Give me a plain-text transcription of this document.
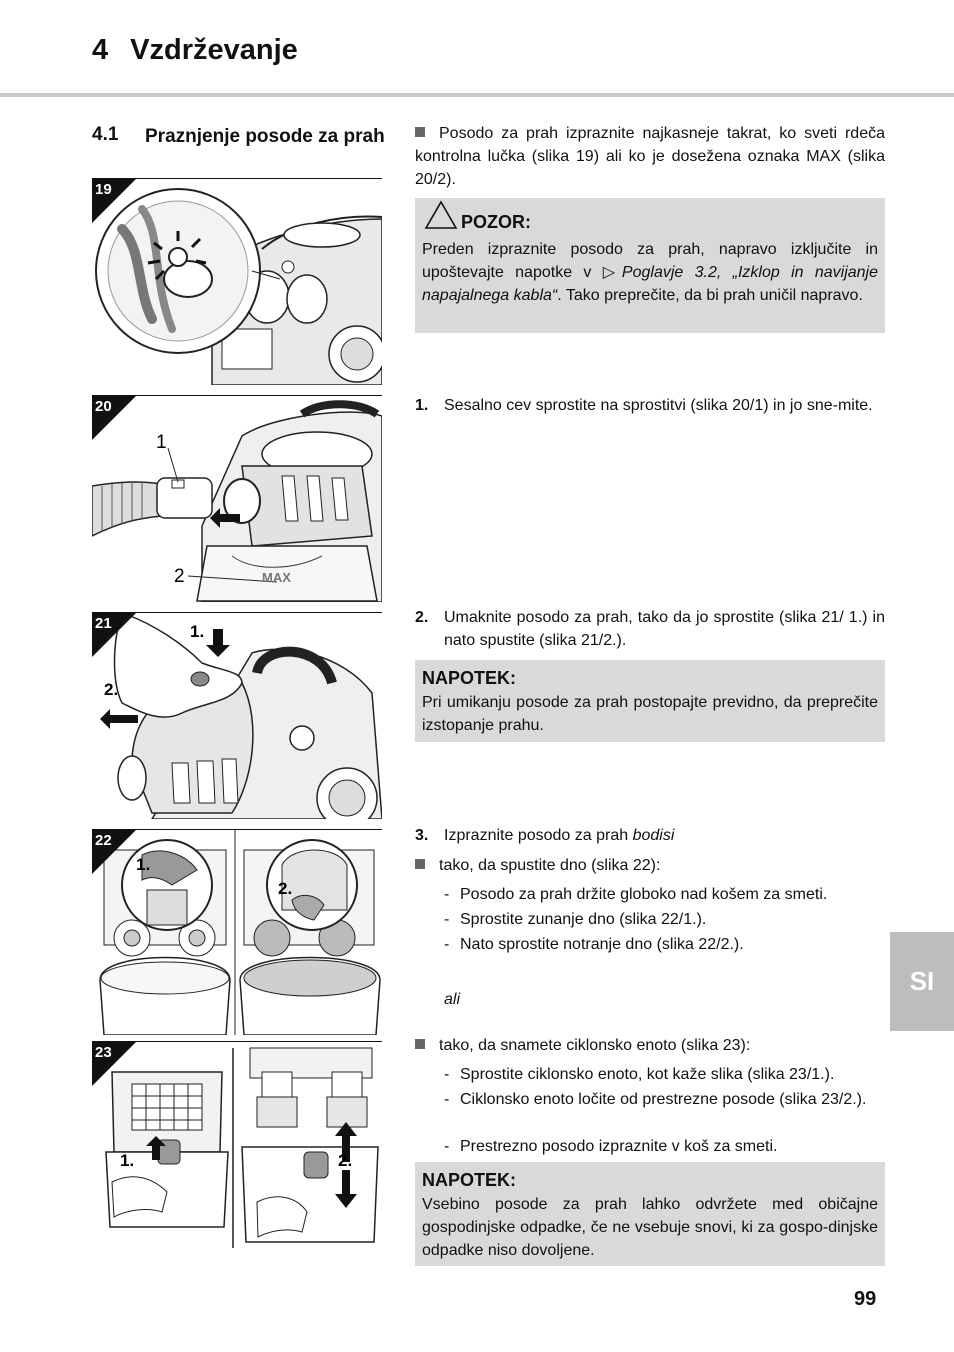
4 Vzdrževanje
4.1 Praznjenje posode za prah
19
MAX
1
2
20
1.
2.
21
1.
2.
22
1.	2.
23
Posodo za prah izpraznite najkasneje takrat, ko sveti rdeča kontrolna lučka (slika 19) ali ko je dosežena oznaka MAX (slika 20/2).
POZOR:
Preden izpraznite posodo za prah, napravo izključite in upoštevajte napotke v ▷Poglavje 3.2, „Izklop in navijanje napajalnega kabla“. Tako preprečite, da bi prah uničil napravo.
1. Sesalno cev sprostite na sprostitvi (slika 20/1) in jo sne-mite.
2. Umaknite posodo za prah, tako da jo sprostite (slika 21/ 1.) in nato spustite (slika 21/2.).
NAPOTEK:
Pri umikanju posode za prah postopajte previdno, da preprečite izstopanje prahu.
3. Izpraznite posodo za prah bodisi
tako, da spustite dno (slika 22):
- Posodo za prah držite globoko nad košem za smeti.
- Sprostite zunanje dno (slika 22/1.).
- Nato sprostite notranje dno (slika 22/2.).
ali
tako, da snamete ciklonsko enoto (slika 23):
- Sprostite ciklonsko enoto, kot kaže slika (slika 23/1.).
- Ciklonsko enoto ločite od prestrezne posode (slika 23/2.).
- Prestrezno posodo izpraznite v koš za smeti.
NAPOTEK:
Vsebino posode za prah lahko odvržete med običajne gospodinjske odpadke, če ne vsebuje snovi, ki za gospo-dinjske odpadke niso dovoljene.
SI
99
